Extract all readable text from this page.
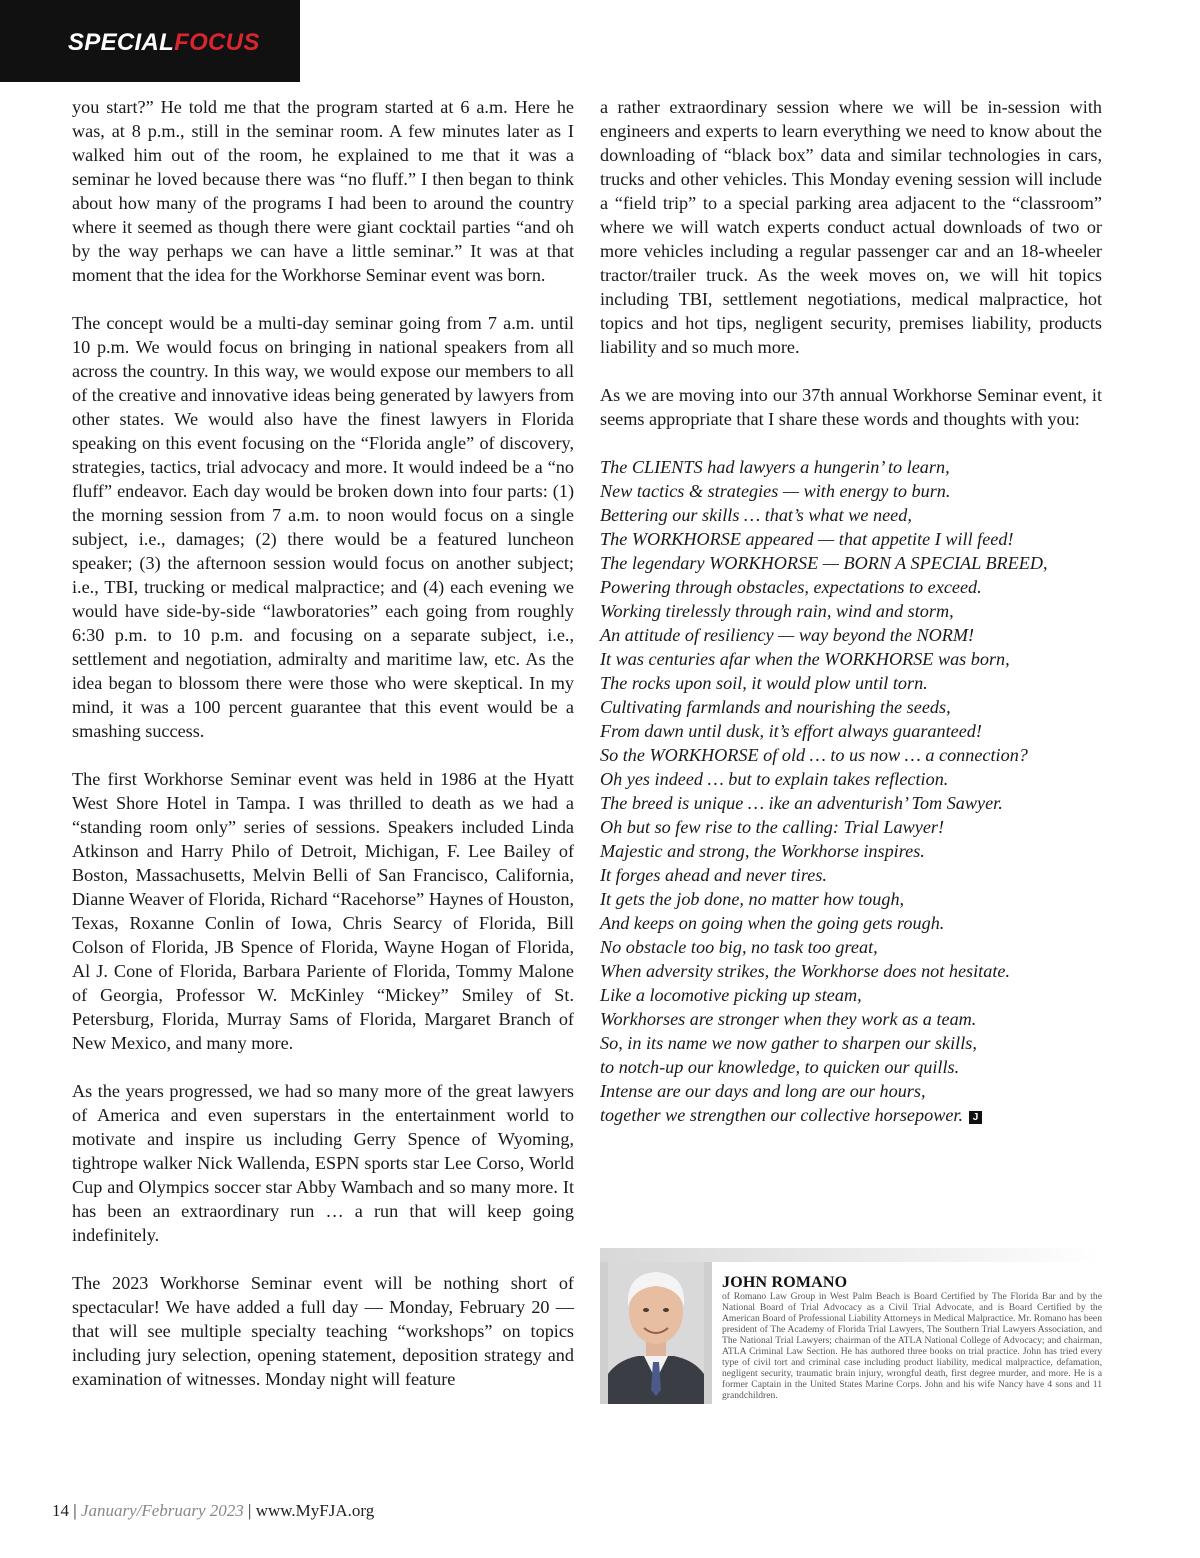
SPECIALFOCUS

you start?” He told me that the program started at 6 a.m. Here he was, at 8 p.m., still in the seminar room. A few minutes later as I walked him out of the room, he explained to me that it was a seminar he loved because there was “no fluff.” I then began to think about how many of the programs I had been to around the country where it seemed as though there were giant cocktail parties “and oh by the way perhaps we can have a little seminar.” It was at that moment that the idea for the Workhorse Seminar event was born.

The concept would be a multi-day seminar going from 7 a.m. until 10 p.m. We would focus on bringing in national speakers from all across the country. In this way, we would expose our members to all of the creative and innovative ideas being generated by lawyers from other states. We would also have the finest lawyers in Florida speaking on this event focusing on the “Florida angle” of discovery, strategies, tactics, trial advocacy and more. It would indeed be a “no fluff” endeavor. Each day would be broken down into four parts: (1) the morning session from 7 a.m. to noon would focus on a single subject, i.e., damages; (2) there would be a featured luncheon speaker; (3) the afternoon session would focus on another subject; i.e., TBI, trucking or medical malpractice; and (4) each evening we would have side-by-side “lawboratories” each going from roughly 6:30 p.m. to 10 p.m. and focusing on a separate subject, i.e., settlement and negotiation, admiralty and maritime law, etc. As the idea began to blossom there were those who were skeptical. In my mind, it was a 100 percent guarantee that this event would be a smashing success.

The first Workhorse Seminar event was held in 1986 at the Hyatt West Shore Hotel in Tampa. I was thrilled to death as we had a “standing room only” series of sessions. Speakers included Linda Atkinson and Harry Philo of Detroit, Michigan, F. Lee Bailey of Boston, Massachusetts, Melvin Belli of San Francisco, California, Dianne Weaver of Florida, Richard “Racehorse” Haynes of Houston, Texas, Roxanne Conlin of Iowa, Chris Searcy of Florida, Bill Colson of Florida, JB Spence of Florida, Wayne Hogan of Florida, Al J. Cone of Florida, Barbara Pariente of Florida, Tommy Malone of Georgia, Professor W. McKinley “Mickey” Smiley of St. Petersburg, Florida, Murray Sams of Florida, Margaret Branch of New Mexico, and many more.

As the years progressed, we had so many more of the great lawyers of America and even superstars in the entertainment world to motivate and inspire us including Gerry Spence of Wyoming, tightrope walker Nick Wallenda, ESPN sports star Lee Corso, World Cup and Olympics soccer star Abby Wambach and so many more. It has been an extraordinary run … a run that will keep going indefinitely.

The 2023 Workhorse Seminar event will be nothing short of spectacular! We have added a full day — Monday, February 20 — that will see multiple specialty teaching “workshops” on topics including jury selection, opening statement, deposition strategy and examination of witnesses. Monday night will feature

a rather extraordinary session where we will be in-session with engineers and experts to learn everything we need to know about the downloading of “black box” data and similar technologies in cars, trucks and other vehicles. This Monday evening session will include a “field trip” to a special parking area adjacent to the “classroom” where we will watch experts conduct actual downloads of two or more vehicles including a regular passenger car and an 18-wheeler tractor/trailer truck. As the week moves on, we will hit topics including TBI, settlement negotiations, medical malpractice, hot topics and hot tips, negligent security, premises liability, products liability and so much more.

As we are moving into our 37th annual Workhorse Seminar event, it seems appropriate that I share these words and thoughts with you:

The CLIENTS had lawyers a hungerin’ to learn,
New tactics & strategies — with energy to burn.
Bettering our skills … that’s what we need,
The WORKHORSE appeared — that appetite I will feed!
The legendary WORKHORSE — BORN A SPECIAL BREED,
Powering through obstacles, expectations to exceed.
Working tirelessly through rain, wind and storm,
An attitude of resiliency — way beyond the NORM!
It was centuries afar when the WORKHORSE was born,
The rocks upon soil, it would plow until torn.
Cultivating farmlands and nourishing the seeds,
From dawn until dusk, it’s effort always guaranteed!
So the WORKHORSE of old … to us now … a connection?
Oh yes indeed … but to explain takes reflection.
The breed is unique … ike an adventurish’ Tom Sawyer.
Oh but so few rise to the calling: Trial Lawyer!
Majestic and strong, the Workhorse inspires.
It forges ahead and never tires.
It gets the job done, no matter how tough,
And keeps on going when the going gets rough.
No obstacle too big, no task too great,
When adversity strikes, the Workhorse does not hesitate.
Like a locomotive picking up steam,
Workhorses are stronger when they work as a team.
So, in its name we now gather to sharpen our skills,
to notch-up our knowledge, to quicken our quills.
Intense are our days and long are our hours,
together we strengthen our collective horsepower. J
JOHN ROMANO
of Romano Law Group in West Palm Beach is Board Certified by The Florida Bar and by the National Board of Trial Advocacy as a Civil Trial Advocate, and is Board Certified by the American Board of Professional Liability Attorneys in Medical Malpractice. Mr. Romano has been president of The Academy of Florida Trial Lawyers, The Southern Trial Lawyers Association, and The National Trial Lawyers; chairman of the ATLA National College of Advocacy; and chairman, ATLA Criminal Law Section. He has authored three books on trial practice. John has tried every type of civil tort and criminal case including product liability, medical malpractice, defamation, negligent security, traumatic brain injury, wrongful death, first degree murder, and more. He is a former Captain in the United States Marine Corps. John and his wife Nancy have 4 sons and 11 grandchildren.
14 | January/February 2023 | www.MyFJA.org
